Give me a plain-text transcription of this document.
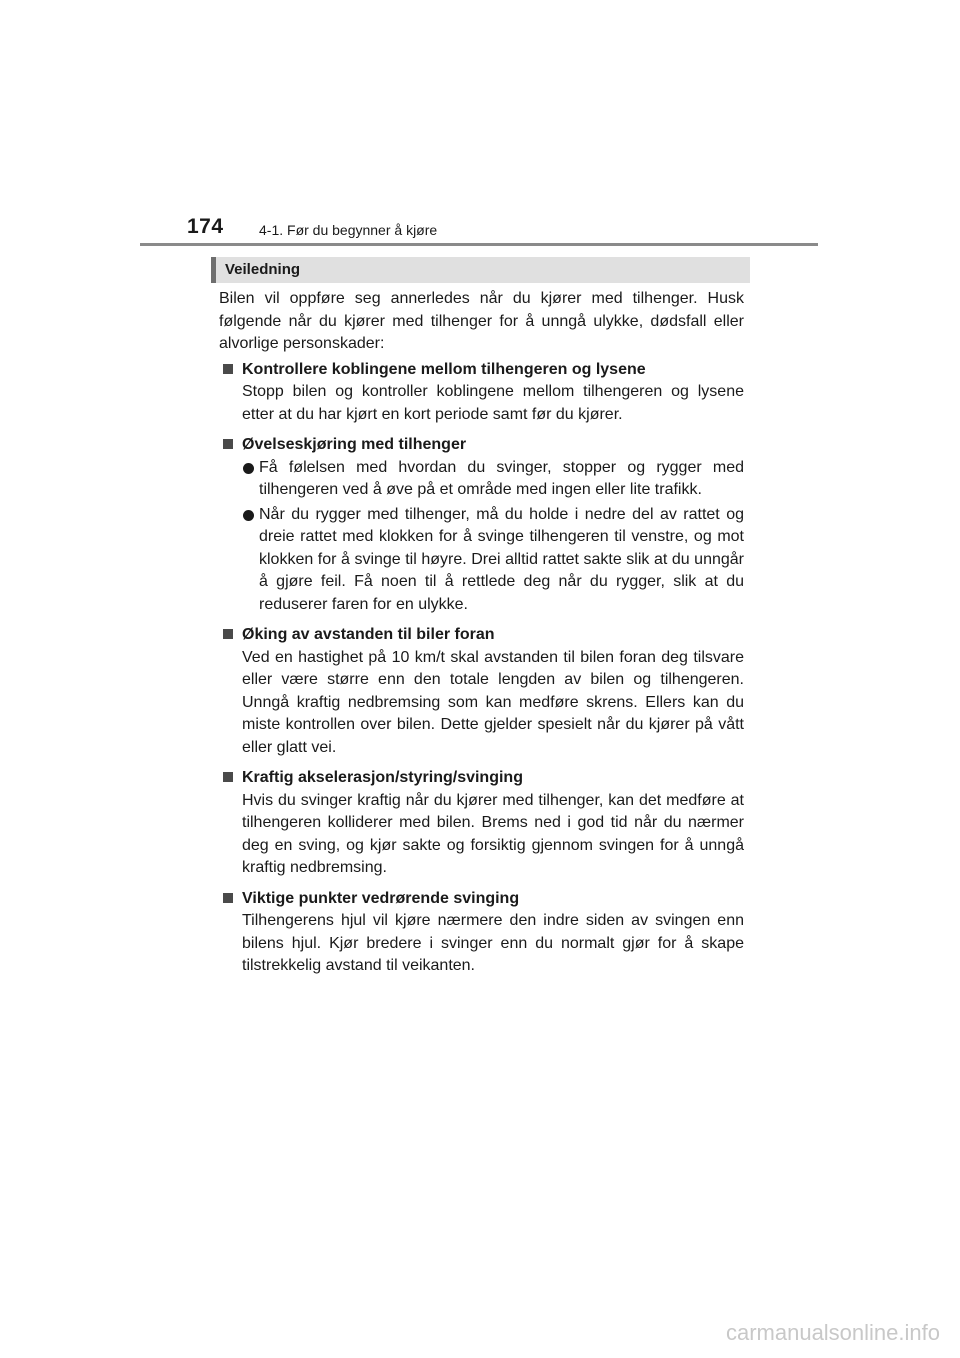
174	4-1. Før du begynner å kjøre
Veiledning

Bilen vil oppføre seg annerledes når du kjører med tilhenger. Husk følgende når du kjører med tilhenger for å unngå ulykke, dødsfall eller alvorlige personskader:

Kontrollere koblingene mellom tilhengeren og lysene

Stopp bilen og kontroller koblingene mellom tilhengeren og lysene etter at du har kjørt en kort periode samt før du kjører.

Øvelseskjøring med tilhenger

Få følelsen med hvordan du svinger, stopper og rygger med tilhengeren ved å øve på et område med ingen eller lite trafikk.

Når du rygger med tilhenger, må du holde i nedre del av rattet og dreie rattet med klokken for å svinge tilhengeren til venstre, og mot klokken for å svinge til høyre. Drei alltid rattet sakte slik at du unngår å gjøre feil. Få noen til å rettlede deg når du rygger, slik at du reduserer faren for en ulykke.

Øking av avstanden til biler foran

Ved en hastighet på 10 km/t skal avstanden til bilen foran deg tilsvare eller være større enn den totale lengden av bilen og tilhengeren. Unngå kraftig nedbremsing som kan medføre skrens. Ellers kan du miste kontrollen over bilen. Dette gjelder spesielt når du kjører på vått eller glatt vei.

Kraftig akselerasjon/styring/svinging

Hvis du svinger kraftig når du kjører med tilhenger, kan det medføre at tilhengeren kolliderer med bilen. Brems ned i god tid når du nærmer deg en sving, og kjør sakte og forsiktig gjennom svingen for å unngå kraftig nedbremsing.

Viktige punkter vedrørende svinging

Tilhengerens hjul vil kjøre nærmere den indre siden av svingen enn bilens hjul. Kjør bredere i svinger enn du normalt gjør for å skape tilstrekkelig avstand til veikanten.

carmanualsonline.info
